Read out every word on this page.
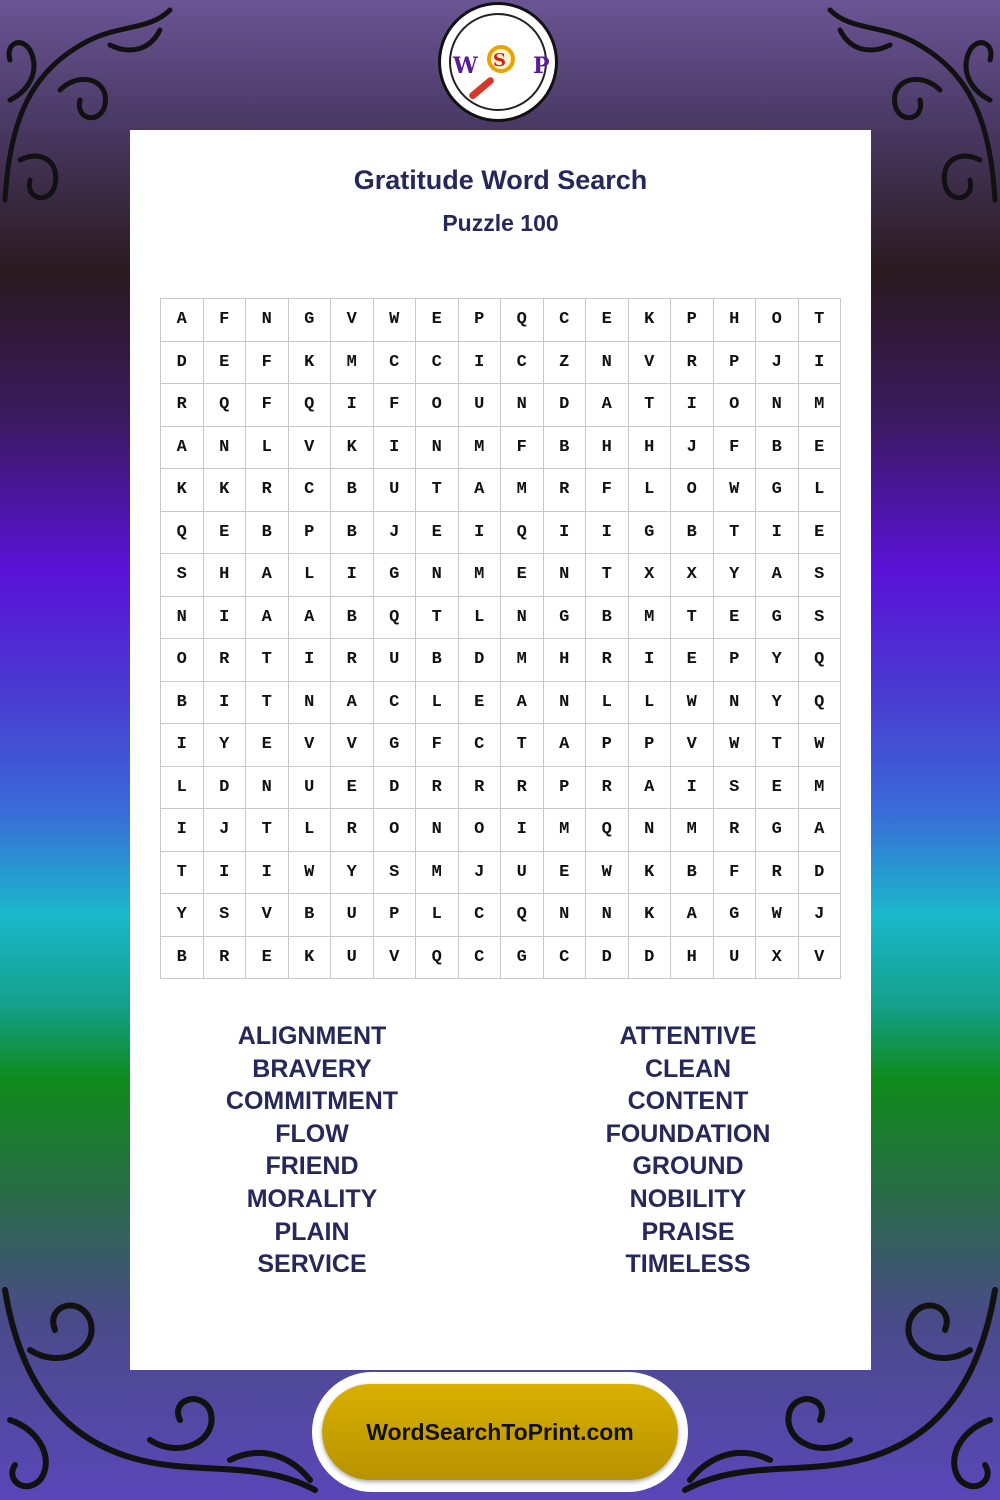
W S P
Gratitude Word Search
Puzzle 100
A	F	N	G	V	W	E	P	Q	C	E	K	P	H	O	T
D	E	F	K	M	C	C	I	C	Z	N	V	R	P	J	I
R	Q	F	Q	I	F	O	U	N	D	A	T	I	O	N	M
A	N	L	V	K	I	N	M	F	B	H	H	J	F	B	E
K	K	R	C	B	U	T	A	M	R	F	L	O	W	G	L
Q	E	B	P	B	J	E	I	Q	I	I	G	B	T	I	E
S	H	A	L	I	G	N	M	E	N	T	X	X	Y	A	S
N	I	A	A	B	Q	T	L	N	G	B	M	T	E	G	S
O	R	T	I	R	U	B	D	M	H	R	I	E	P	Y	Q
B	I	T	N	A	C	L	E	A	N	L	L	W	N	Y	Q
I	Y	E	V	V	G	F	C	T	A	P	P	V	W	T	W
L	D	N	U	E	D	R	R	R	P	R	A	I	S	E	M
I	J	T	L	R	O	N	O	I	M	Q	N	M	R	G	A
T	I	I	W	Y	S	M	J	U	E	W	K	B	F	R	D
Y	S	V	B	U	P	L	C	Q	N	N	K	A	G	W	J
B	R	E	K	U	V	Q	C	G	C	D	D	H	U	X	V
ALIGNMENT
BRAVERY
COMMITMENT
FLOW
FRIEND
MORALITY
PLAIN
SERVICE
ATTENTIVE
CLEAN
CONTENT
FOUNDATION
GROUND
NOBILITY
PRAISE
TIMELESS
WordSearchToPrint.com
